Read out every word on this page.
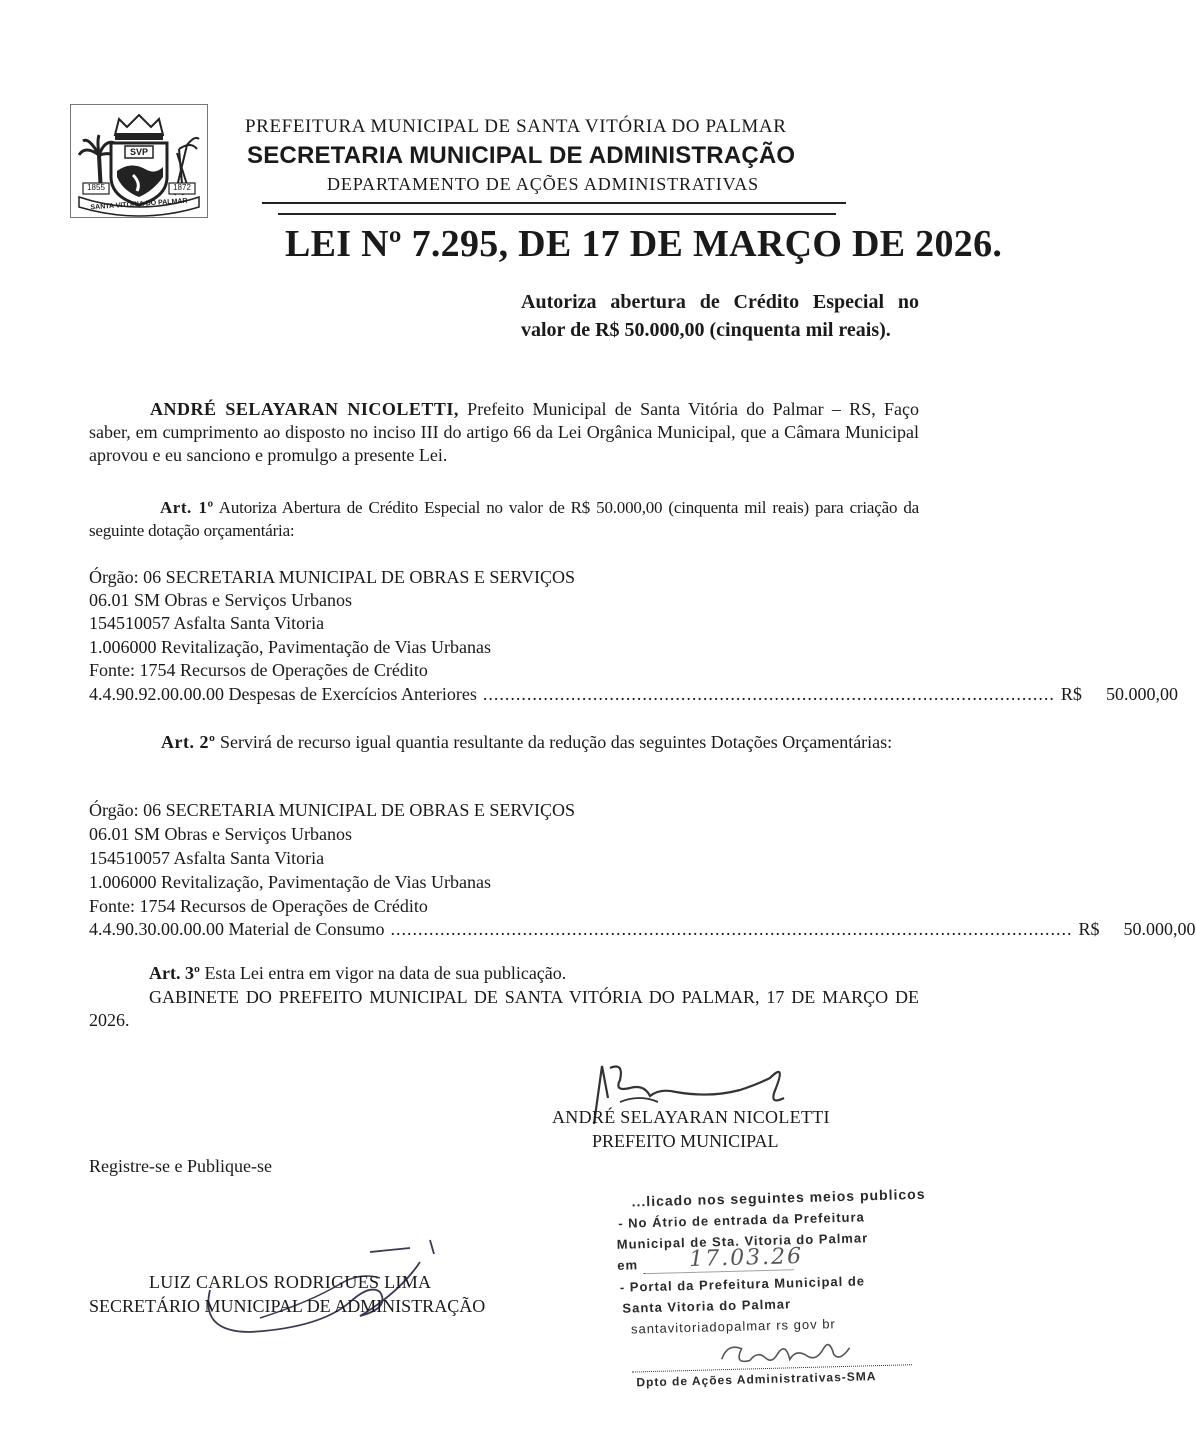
SVP
1855	1872
SANTA VITÓRIA DO PALMAR
PREFEITURA MUNICIPAL DE SANTA VITÓRIA DO PALMAR
SECRETARIA MUNICIPAL DE ADMINISTRAÇÃO
DEPARTAMENTO DE AÇÕES ADMINISTRATIVAS
LEI Nº 7.295, DE 17 DE MARÇO DE 2026.
Autoriza abertura de Crédito Especial no valor de R$ 50.000,00 (cinquenta mil reais).
ANDRÉ SELAYARAN NICOLETTI, Prefeito Municipal de Santa Vitória do Palmar – RS, Faço saber, em cumprimento ao disposto no inciso III do artigo 66 da Lei Orgânica Municipal, que a Câmara Municipal aprovou e eu sanciono e promulgo a presente Lei.
Art. 1º Autoriza Abertura de Crédito Especial no valor de R$ 50.000,00 (cinquenta mil reais) para criação da seguinte dotação orçamentária:
Órgão: 06 SECRETARIA MUNICIPAL DE OBRAS E SERVIÇOS
06.01 SM Obras e Serviços Urbanos
154510057 Asfalta Santa Vitoria
1.006000 Revitalização, Pavimentação de Vias Urbanas
Fonte: 1754 Recursos de Operações de Crédito
4.4.90.92.00.00.00 Despesas de Exercícios Anteriores ........................................................................................................ R$ 50.000,00
Art. 2º Servirá de recurso igual quantia resultante da redução das seguintes Dotações Orçamentárias:
Órgão: 06 SECRETARIA MUNICIPAL DE OBRAS E SERVIÇOS
06.01 SM Obras e Serviços Urbanos
154510057 Asfalta Santa Vitoria
1.006000 Revitalização, Pavimentação de Vias Urbanas
Fonte: 1754 Recursos de Operações de Crédito
4.4.90.30.00.00.00 Material de Consumo ............................................................................................................................ R$ 50.000,00
Art. 3º Esta Lei entra em vigor na data de sua publicação.
GABINETE DO PREFEITO MUNICIPAL DE SANTA VITÓRIA DO PALMAR, 17 DE MARÇO DE 2026.
ANDRÉ SELAYARAN NICOLETTI
PREFEITO MUNICIPAL
Registre-se e Publique-se
LUIZ CARLOS RODRIGUES LIMA
SECRETÁRIO MUNICIPAL DE ADMINISTRAÇÃO
...licado nos seguintes meios publicos
- No Átrio de entrada da Prefeitura
Municipal de Sta. Vitoria do Palmar
em 17.03.26
- Portal da Prefeitura Municipal de
Santa Vitoria do Palmar
santavitoriadopalmar rs gov br
Dpto de Ações Administrativas-SMA
